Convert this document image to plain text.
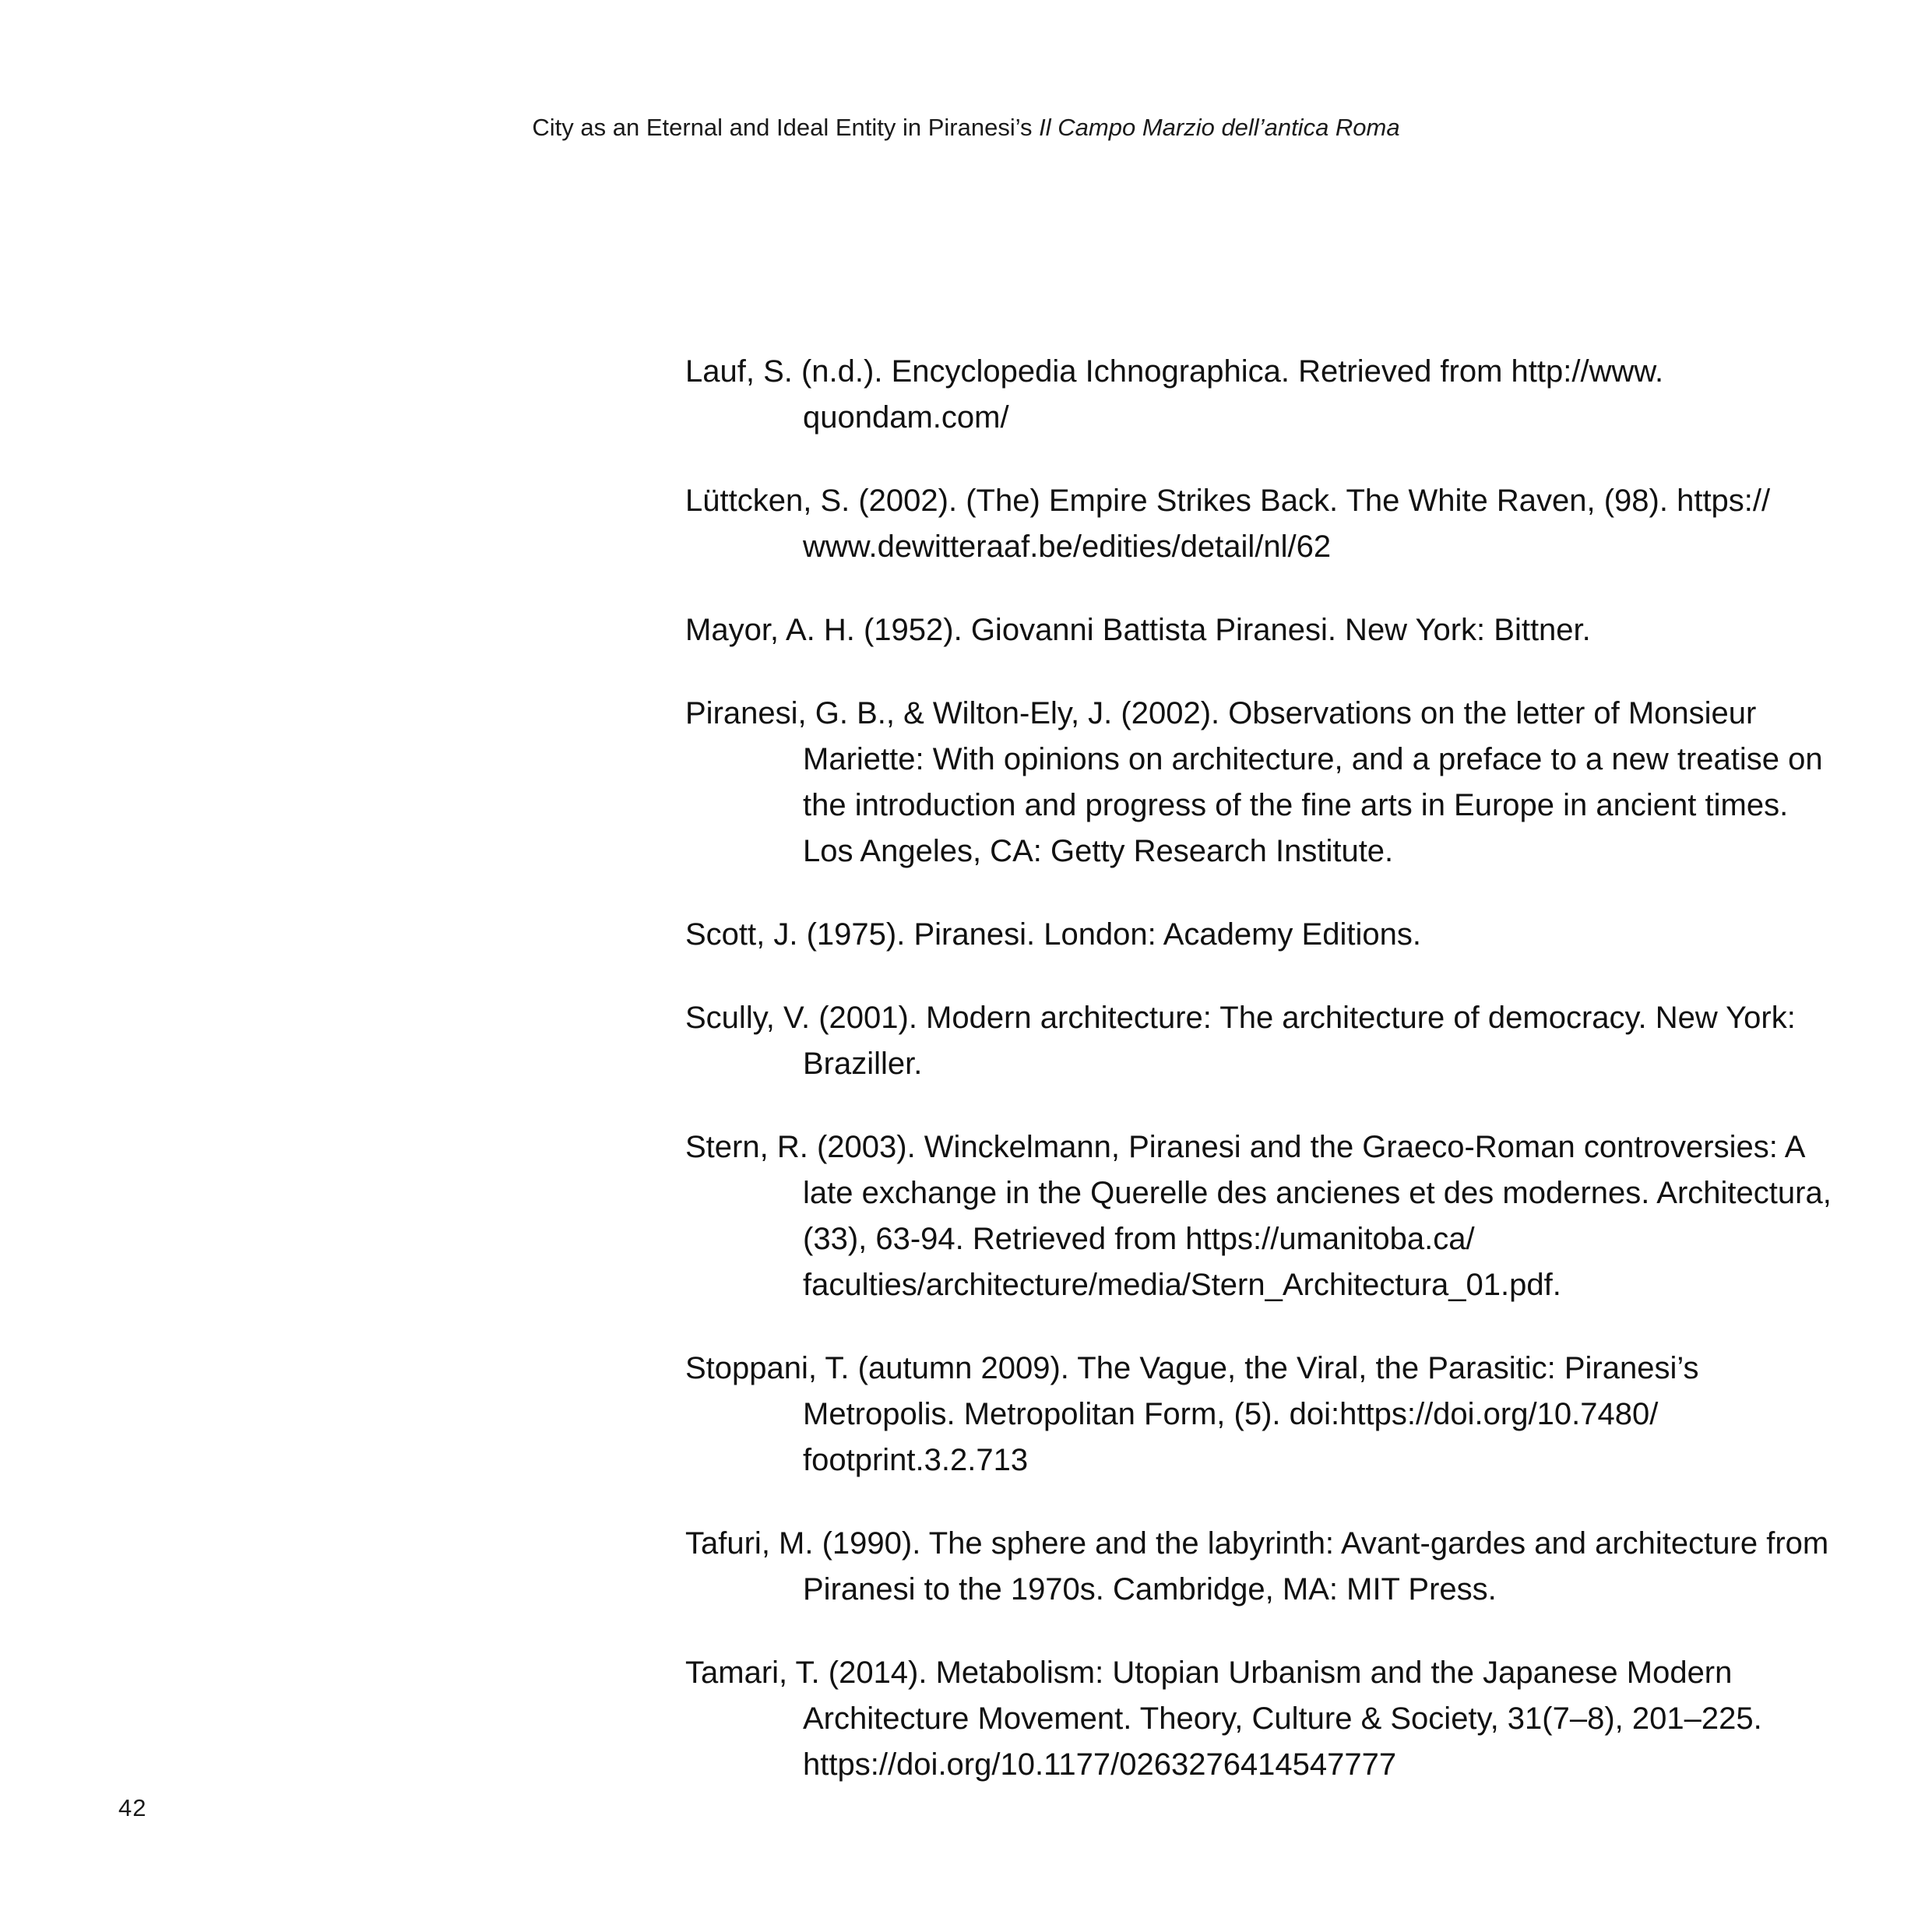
City as an Eternal and Ideal Entity in Piranesi’s Il Campo Marzio dell’antica Roma
Lauf, S. (n.d.). Encyclopedia Ichnographica. Retrieved from http://www. quondam.com/
Lüttcken, S. (2002). (The) Empire Strikes Back. The White Raven, (98). https:// www.dewitteraaf.be/edities/detail/nl/62
Mayor, A. H. (1952). Giovanni Battista Piranesi. New York: Bittner.
Piranesi, G. B., & Wilton-Ely, J. (2002). Observations on the letter of Monsieur Mariette: With opinions on architecture, and a preface to a new treatise on the introduction and progress of the fine arts in Europe in ancient times. Los Angeles, CA: Getty Research Institute.
Scott, J. (1975). Piranesi. London: Academy Editions.
Scully, V. (2001). Modern architecture: The architecture of democracy. New York: Braziller.
Stern, R. (2003). Winckelmann, Piranesi and the Graeco-Roman controversies: A late exchange in the Querelle des ancienes et des modernes. Architectura, (33), 63-94. Retrieved from https://umanitoba.ca/ faculties/architecture/media/Stern_Architectura_01.pdf.
Stoppani, T. (autumn 2009). The Vague, the Viral, the Parasitic: Piranesi’s Metropolis. Metropolitan Form, (5). doi:https://doi.org/10.7480/ footprint.3.2.713
Tafuri, M. (1990). The sphere and the labyrinth: Avant-gardes and architecture from Piranesi to the 1970s. Cambridge, MA: MIT Press.
Tamari, T. (2014). Metabolism: Utopian Urbanism and the Japanese Modern Architecture Movement. Theory, Culture & Society, 31(7–8), 201–225. https://doi.org/10.1177/0263276414547777
42
